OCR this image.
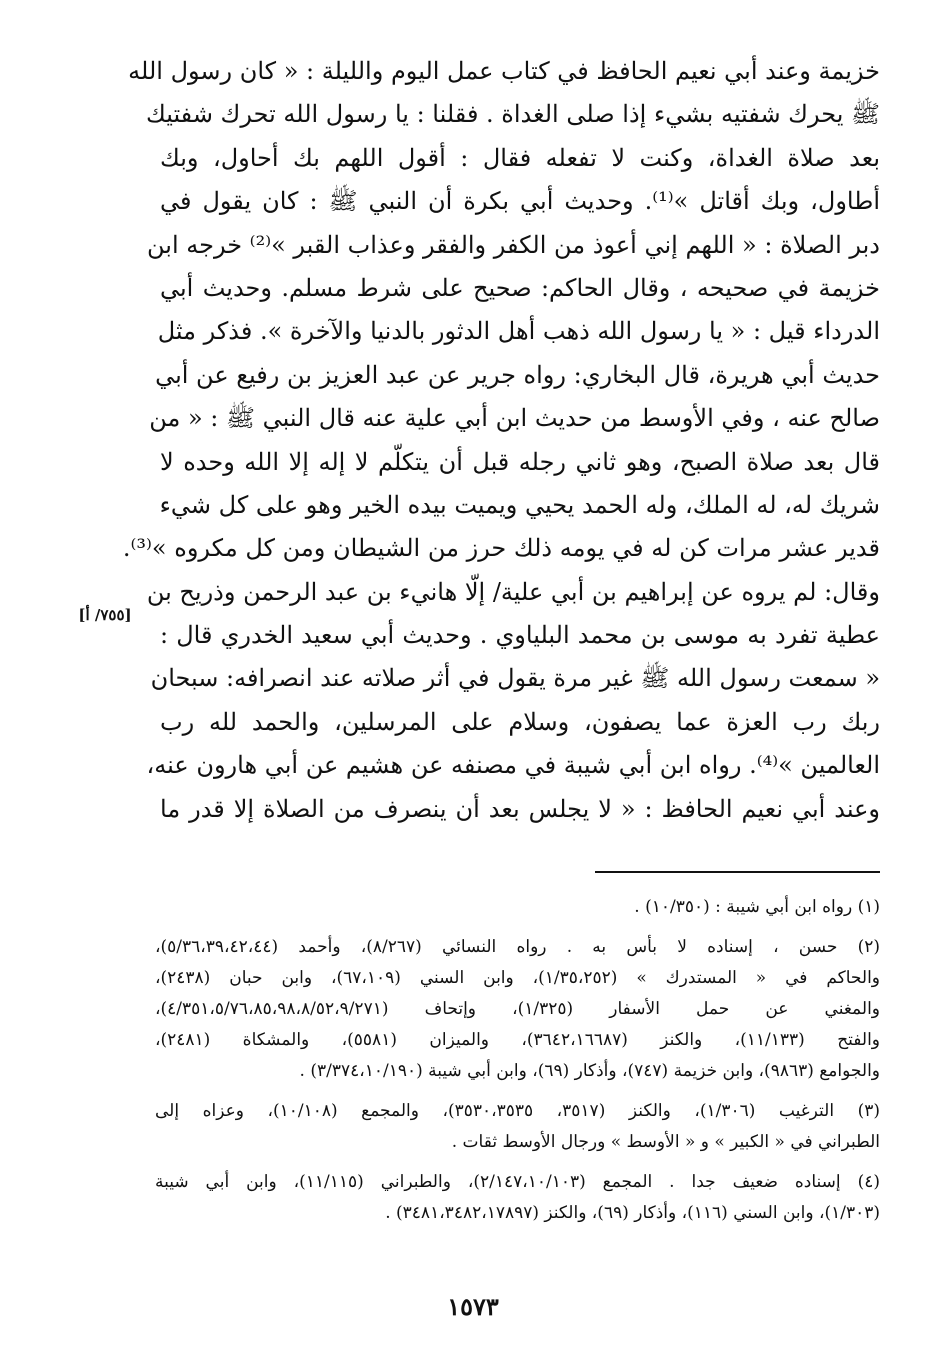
خزيمة وعند أبي نعيم الحافظ في كتاب عمل اليوم والليلة : « كان رسول الله
ﷺ يحرك شفتيه بشيء إذا صلى الغداة . فقلنا : يا رسول الله تحرك شفتيك
بعد صلاة الغداة، وكنت لا تفعله فقال : أقول اللهم بك أحاول، وبك
أطاول، وبك أقاتل »⁽¹⁾. وحديث أبي بكرة أن النبي ﷺ : كان يقول في
دبر الصلاة : « اللهم إني أعوذ من الكفر والفقر وعذاب القبر »⁽²⁾ خرجه ابن
خزيمة في صحيحه ، وقال الحاكم: صحيح على شرط مسلم. وحديث أبي
الدرداء قيل : « يا رسول الله ذهب أهل الدثور بالدنيا والآخرة ». فذكر مثل
حديث أبي هريرة، قال البخاري: رواه جرير عن عبد العزيز بن رفيع عن أبي
صالح عنه ، وفي الأوسط من حديث ابن أبي علية عنه قال النبي ﷺ : « من
قال بعد صلاة الصبح، وهو ثاني رجله قبل أن يتكلّم لا إله إلا الله وحده لا
شريك له، له الملك، وله الحمد يحيي ويميت بيده الخير وهو على كل شيء
قدير عشر مرات كن له في يومه ذلك حرز من الشيطان ومن كل مكروه »⁽³⁾.
وقال: لم يروه عن إبراهيم بن أبي علية/ إلّا هانيء بن عبد الرحمن وذريح بن
عطية تفرد به موسى بن محمد البلياوي . وحديث أبي سعيد الخدري قال :
« سمعت رسول الله ﷺ غير مرة يقول في أثر صلاته عند انصرافه: سبحان
ربك رب العزة عما يصفون، وسلام على المرسلين، والحمد لله رب
العالمين »⁽⁴⁾. رواه ابن أبي شيبة في مصنفه عن هشيم عن أبي هارون عنه،
وعند أبي نعيم الحافظ : « لا يجلس بعد أن ينصرف من الصلاة إلا قدر ما
[٧٥٥/ أ]
(١) رواه ابن أبي شيبة : (١٠/٣٥٠) .
(٢) حسن ، إسناده لا بأس به . رواه النسائي (٨/٢٦٧)، وأحمد (٥/٣٦،٣٩،٤٢،٤٤)،
والحاكم في « المستدرك » (١/٣٥،٢٥٢)، وابن السني (٦٧،١٠٩)، وابن حبان (٢٤٣٨)،
والمغني عن حمل الأسفار (١/٣٢٥)، وإتحاف (٤/٣٥١،٥/٧٦،٨٥،٩٨،٨/٥٢،٩/٢٧١)،
والفتح (١١/١٣٣)، والكنز (٣٦٤٢،١٦٦٨٧)، والميزان (٥٥٨١)، والمشكاة (٢٤٨١)،
والجوامع (٩٨٦٣)، وابن خزيمة (٧٤٧)، وأذكار (٦٩)، وابن أبي شيبة (٣/٣٧٤،١٠/١٩٠) .
(٣) الترغيب (١/٣٠٦)، والكنز (٣٥١٧، ٣٥٣٠،٣٥٣٥)، والمجمع (١٠/١٠٨)، وعزاه إلى
الطبراني في « الكبير » و « الأوسط » ورجال الأوسط ثقات .
(٤) إسناده ضعيف جدا . المجمع (٢/١٤٧،١٠/١٠٣)، والطبراني (١١/١١٥)، وابن أبي شيبة
(١/٣٠٣)، وابن السني (١١٦)، وأذكار (٦٩)، والكنز (٣٤٨١،٣٤٨٢،١٧٨٩٧) .
١٥٧٣
